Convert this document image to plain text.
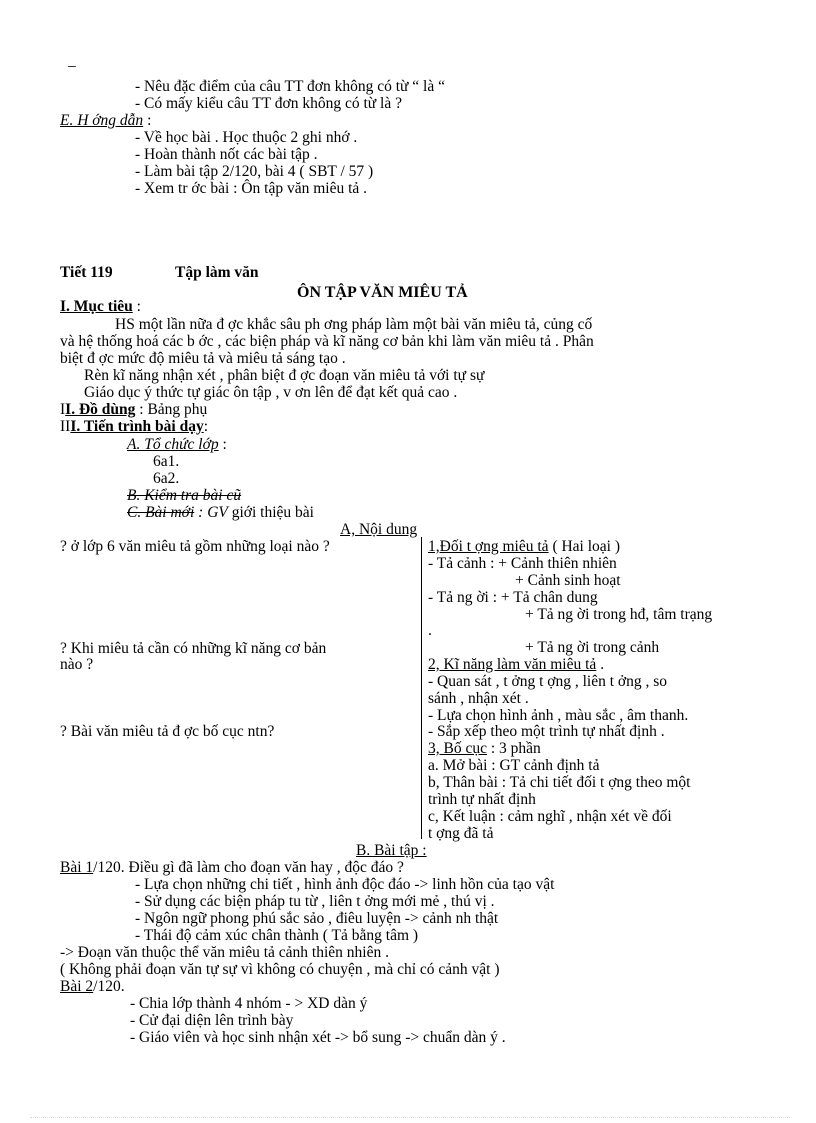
_
- Nêu đặc điểm của câu TT đơn không có từ “ là “
- Có mấy kiểu câu TT đơn không có từ là ?
E. H ớng dẫn :
- Về học bài . Học thuộc 2 ghi nhớ .
- Hoàn thành nốt các bài tập .
- Làm bài tập 2/120, bài 4 ( SBT / 57 )
- Xem tr ớc bài : Ôn tập văn miêu tả .
Tiết 119	Tập làm văn
ÔN TẬP VĂN MIÊU TẢ
I. Mục tiêu :
HS một lần nữa đ ợc khắc sâu ph ơng pháp làm một bài văn miêu tả, củng cố
và hệ thống hoá các b ớc , các biện pháp và kĩ năng cơ bản khi làm văn miêu tả . Phân
biệt đ ợc mức độ miêu tả và miêu tả sáng tạo .
Rèn kĩ năng nhận xét , phân biệt đ ợc đoạn văn miêu tả với tự sự
Giáo dục ý thức tự giác ôn tập , v ơn lên để đạt kết quả cao .
II. Đồ dùng : Bảng phụ
III. Tiến trình bài dạy:
A. Tổ chức lớp :
6a1.
6a2.
B. Kiểm tra bài cũ
C. Bài mới : GV giới thiệu bài
A, Nội dung
? ở lớp 6 văn miêu tả gồm những loại nào ?
? Khi miêu tả cần có những kĩ năng cơ bản
nào ?
? Bài văn miêu tả đ ợc bố cục ntn?
1,Đối t ợng miêu tả ( Hai loại )
- Tả cảnh : + Cảnh thiên nhiên
+ Cảnh sinh hoạt
- Tả ng ời : + Tả chân dung
+ Tả ng ời trong hđ, tâm trạng
.
+ Tả ng ời trong cảnh
2, Kĩ năng làm văn miêu tả .
- Quan sát , t ởng t ợng , liên t ởng , so
sánh , nhận xét .
- Lựa chọn hình ảnh , màu sắc , âm thanh.
- Sắp xếp theo một trình tự nhất định .
3, Bố cục : 3 phần
a. Mở bài : GT cảnh định tả
b, Thân bài : Tả chi tiết đối t ợng theo một
trình tự nhất định
c, Kết luận : cảm nghĩ , nhận xét về đối
t ợng đã tả
B. Bài tập :
Bài 1/120. Điều gì đã làm cho đoạn văn hay , độc đáo ?
- Lựa chọn những chi tiết , hình ảnh độc đáo -> linh hồn của tạo vật
- Sử dụng các biện pháp tu từ , liên t ởng mới mẻ , thú vị .
- Ngôn ngữ phong phú sắc sảo , điêu luyện -> cảnh nh thật
- Thái độ cảm xúc chân thành ( Tả bằng tâm )
-> Đoạn văn thuộc thể văn miêu tả cảnh thiên nhiên .
( Không phải đoạn văn tự sự vì không có chuyện , mà chỉ có cảnh vật )
Bài 2/120.
- Chia lớp thành 4 nhóm - > XD dàn ý
- Cử đại diện lên trình bày
- Giáo viên và học sinh nhận xét -> bổ sung -> chuẩn dàn ý .
